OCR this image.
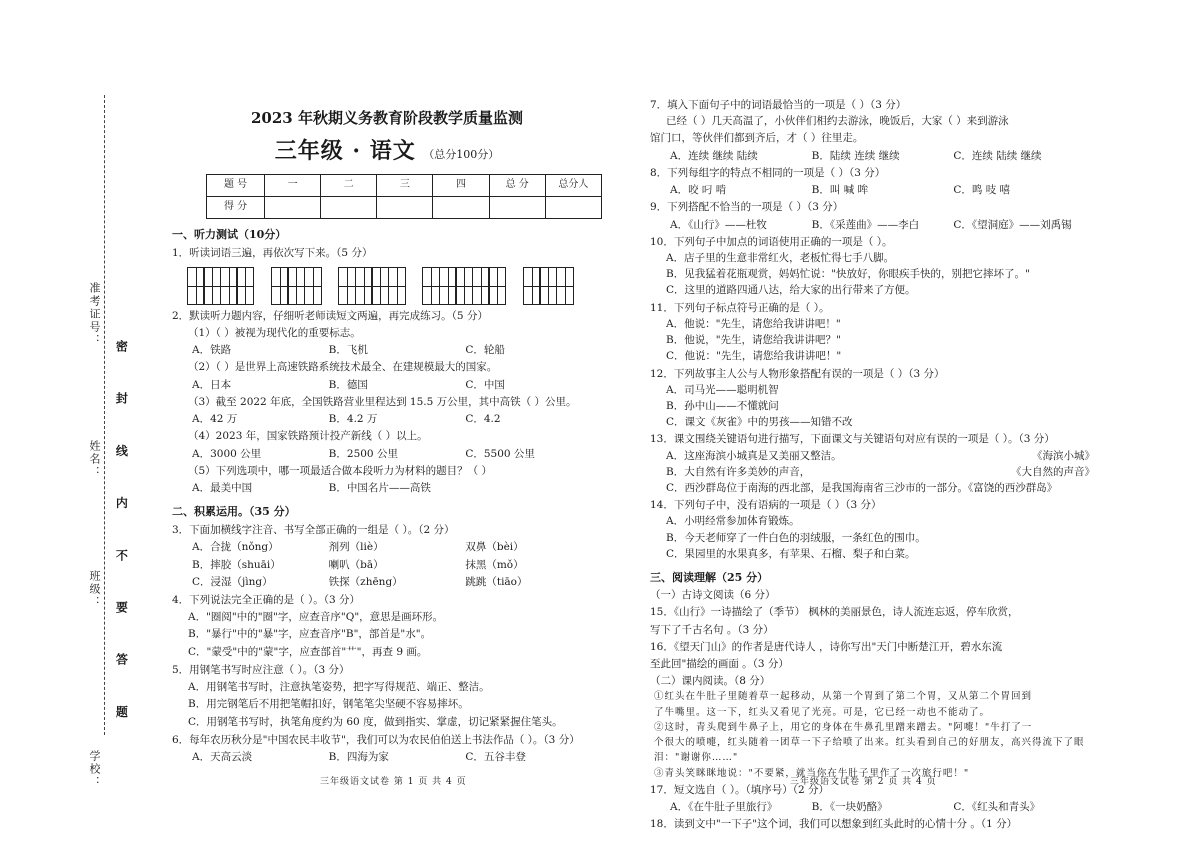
准考证号：
姓名：
班级：
学校：
密 封 线 内 不 要 答 题
2023 年秋期义务教育阶段教学质量监测
三年级 · 语文 （总分100分）
题 号	一	二	三	四	总 分	总分人
得 分						
一、听力测试（10分）
1．听读词语三遍，再依次写下来。（5 分）
2．默读听力题内容，仔细听老师读短文两遍，再完成练习。（5 分）
（1）（ ）被视为现代化的重要标志。
A．铁路	B．飞机	C．轮船
（2）（ ）是世界上高速铁路系统技术最全、在建规模最大的国家。
A．日本	B．德国	C．中国
（3）截至 2022 年底，全国铁路营业里程达到 15.5 万公里，其中高铁（ ）公里。
A．42 万	B．4.2 万	C．4.2
（4）2023 年，国家铁路预计投产新线（ ）以上。
A．3000 公里	B．2500 公里	C．5500 公里
（5）下列选项中，哪一项最适合做本段听力为材料的题目？（ ）
A．最美中国	B．中国名片——高铁
二、积累运用。（35 分）
3．下面加横线字注音、书写全部正确的一组是（ ）。（2 分）
A．合拢（nǒng）	剂列（liè）	双鼻（bèi）
B．摔胶（shuāi）	喇叭（bā）	抹黑（mǒ）
C．浸湿（jìng）	铁探（zhēng）	跳跳（tiāo）
4．下列说法完全正确的是（ ）。（3 分）
A．"圈阅"中的"圈"字，应查音序"Q"，意思是画环形。
B．"暴行"中的"暴"字，应查音序"B"，部首是"水"。
C．"蒙受"中的"蒙"字，应查部首"艹"，再查 9 画。
5．用钢笔书写时应注意（ ）。（3 分）
A．用钢笔书写时，注意执笔姿势，把字写得规范、端正、整洁。
B．用完钢笔后不用把笔帽扣好，钢笔笔尖坚硬不容易摔坏。
C．用钢笔书写时，执笔角度约为 60 度，做到指实、掌虚，切记紧紧握住笔头。
6．每年农历秋分是"中国农民丰收节"，我们可以为农民伯伯送上书法作品（ ）。（3 分）
A．天高云淡	B．四海为家	C．五谷丰登
7．填入下面句子中的词语最恰当的一项是（ ）（3 分）
已经（ ）几天高温了，小伙伴们相约去游泳，晚饭后，大家（ ）来到游泳
馆门口，等伙伴们都到齐后，才（ ）往里走。
A．连续 继续 陆续	B．陆续 连续 继续	C．连续 陆续 继续
8．下列每组字的特点不相同的一项是（ ）（3 分）
A．咬 叼 啃	B．叫 喊 哞	C．鸣 吱 嘻
9．下列搭配不恰当的一项是（ ）（3 分）
A．《山行》——杜牧	B．《采莲曲》——李白	C．《望洞庭》——刘禹锡
10．下列句子中加点的词语使用正确的一项是（ ）。
A．店子里的生意非常红火，老板忙得七手八脚。
B．见我猛着花瓶观赏，妈妈忙说："快放好，你眼疾手快的，别把它摔坏了。"
C．这里的道路四通八达，给大家的出行带来了方便。
11．下列句子标点符号正确的是（ ）。
A．他说："先生，请您给我讲讲吧！"
B．他说，"先生，请您给我讲讲吧？"
C．他说："先生，请您给我讲讲吧！"
12．下列故事主人公与人物形象搭配有误的一项是（ ）（3 分）
A．司马光——聪明机智
B．孙中山——不懂就问
C．课文《灰雀》中的男孩——知错不改
13．课文围绕关键语句进行描写，下面课文与关键语句对应有误的一项是（ ）。（3 分）
A．这座海滨小城真是又美丽又整洁。	《海滨小城》
B．大自然有许多美妙的声音，	《大自然的声音》
C．西沙群岛位于南海的西北部，是我国海南省三沙市的一部分。《富饶的西沙群岛》
14．下列句子中，没有语病的一项是（ ）（3 分）
A．小明经常参加体育锻炼。
B．今天老师穿了一件白色的羽绒服，一条红色的围巾。
C．果园里的水果真多，有苹果、石榴、梨子和白菜。
三、阅读理解（25 分）
（一）古诗文阅读（6 分）
15．《山行》一诗描绘了（季节） 枫林的美丽景色，诗人流连忘返，停车欣赏，
写下了千古名句 。（3 分）
16．《望天门山》的作者是唐代诗人 ，诗你写出"天门中断楚江开，碧水东流
至此回"描绘的画面 。（3 分）
（二）课内阅读。（8 分）
①红头在牛肚子里随着草一起移动，从第一个胃到了第二个胃，又从第二个胃回到
了牛嘴里。这一下，红头又看见了光亮。可是，它已经一动也不能动了。
②这时，青头爬到牛鼻子上，用它的身体在牛鼻孔里蹭来蹭去。"阿嚏！"牛打了一
个很大的喷嚏，红头随着一团草一下子给喷了出来。红头看到自己的好朋友，高兴得流下了眼
泪："谢谢你……"
③青头笑眯眯地说："不要紧，就当你在牛肚子里作了一次旅行吧！"
17．短文选自（ ）。（填序号）（2 分）
A．《在牛肚子里旅行》	B．《一块奶酪》	C．《红头和青头》
18．读到文中"一下子"这个词，我们可以想象到红头此时的心情十分 。（1 分）
三年级语文试卷 第 1 页 共 4 页	三年级语文试卷 第 2 页 共 4 页
